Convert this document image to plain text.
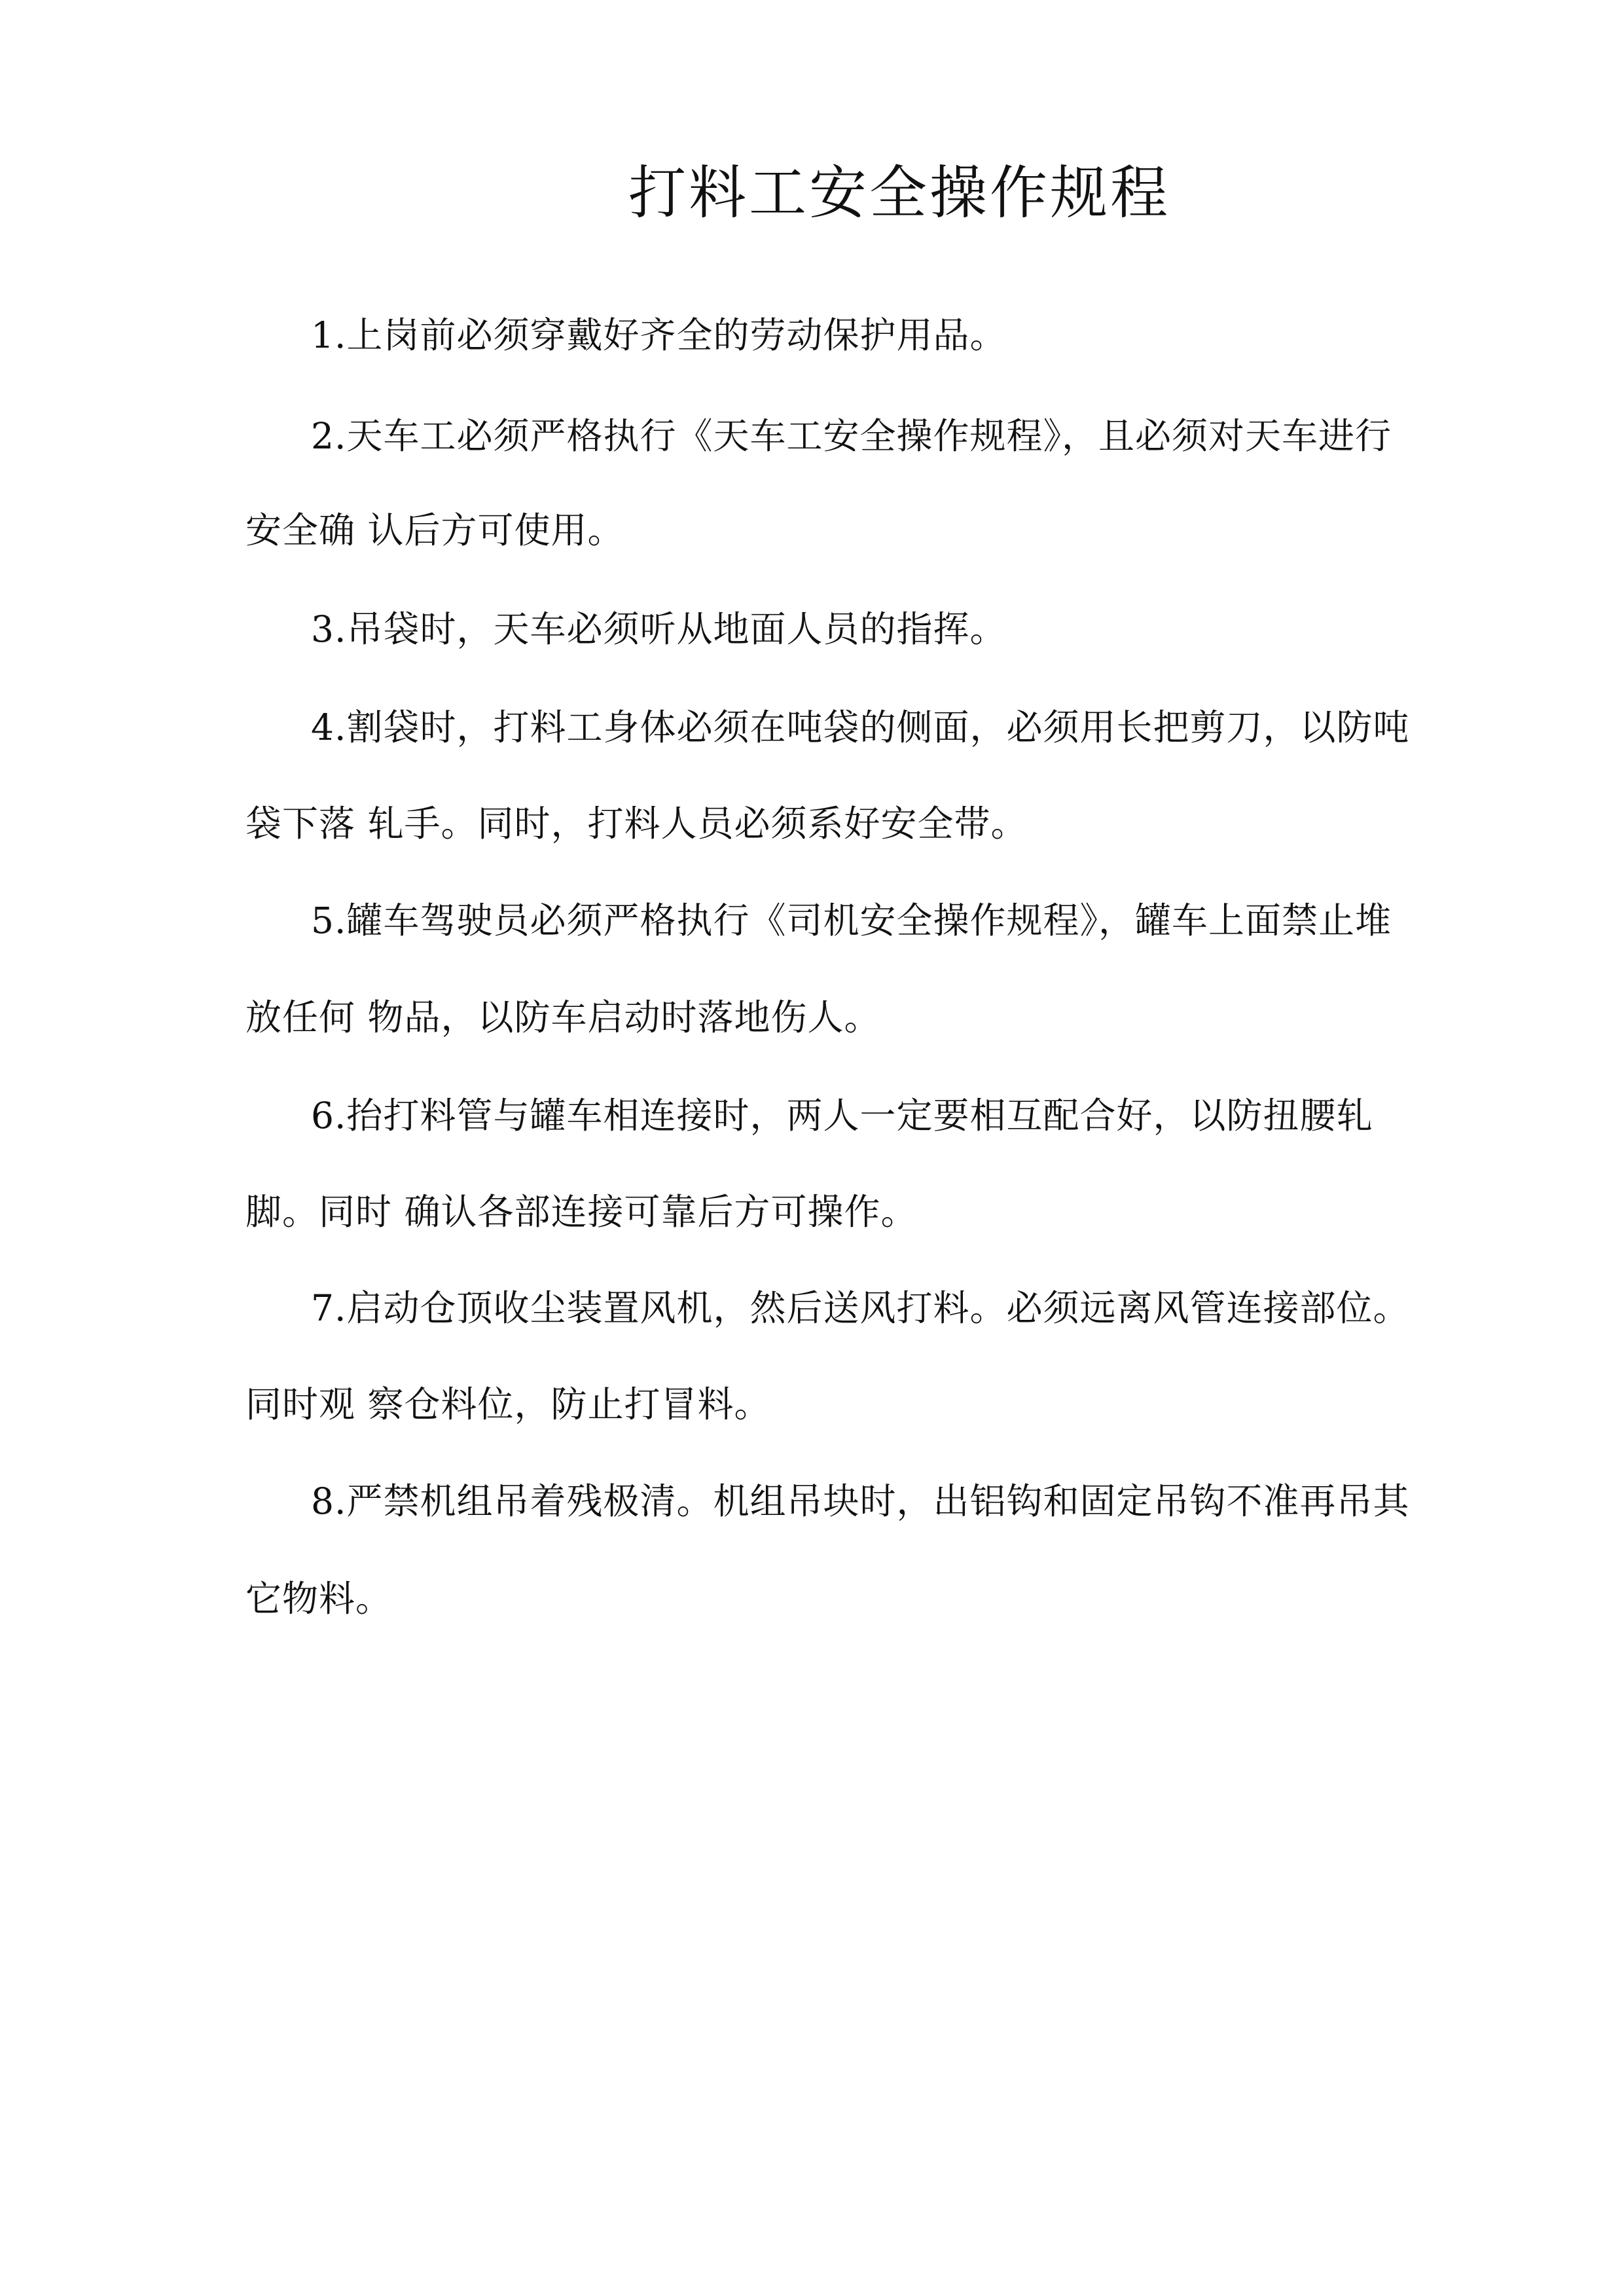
打料工安全操作规程
1.上岗前必须穿戴好齐全的劳动保护用品。
2.天车工必须严格执行《天车工安全操作规程》，且必须对天车进行
安全确 认后方可使用。
3.吊袋时，天车必须听从地面人员的指挥。
4.割袋时，打料工身体必须在吨袋的侧面，必须用长把剪刀，以防吨
袋下落 轧手。同时，打料人员必须系好安全带。
5.罐车驾驶员必须严格执行《司机安全操作规程》，罐车上面禁止堆
放任何 物品，以防车启动时落地伤人。
6.抬打料管与罐车相连接时，两人一定要相互配合好，以防扭腰轧
脚。同时 确认各部连接可靠后方可操作。
7.启动仓顶收尘装置风机，然后送风打料。必须远离风管连接部位。
同时观 察仓料位，防止打冒料。
8.严禁机组吊着残极清。机组吊块时，出铝钩和固定吊钩不准再吊其
它物料。
